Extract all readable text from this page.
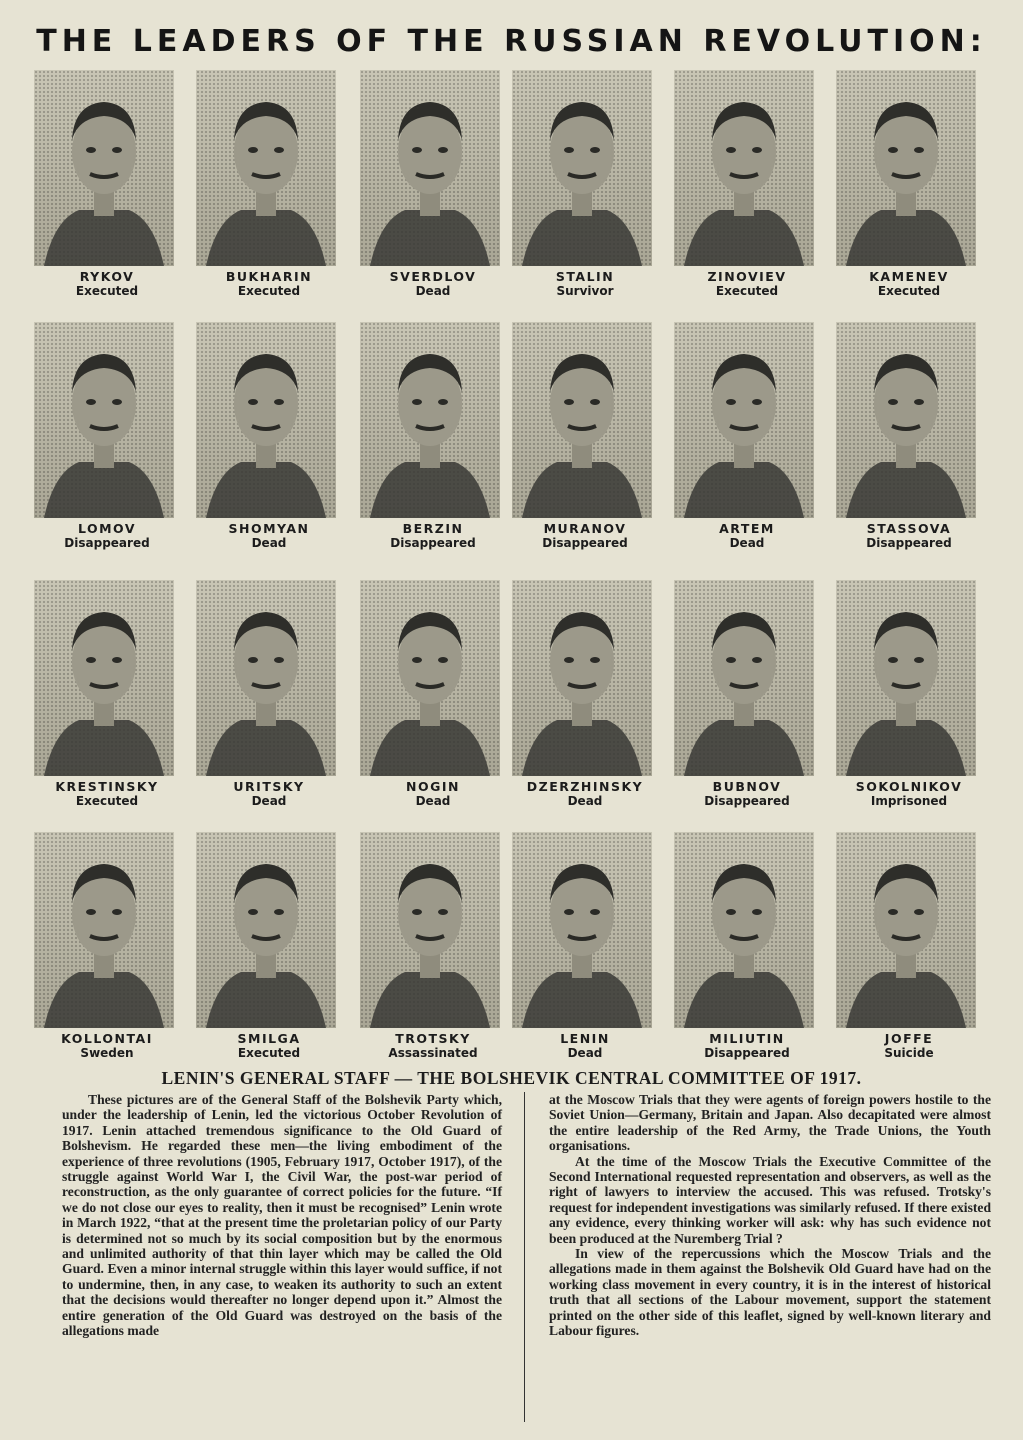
THE LEADERS OF THE RUSSIAN REVOLUTION:
RYKOV
Executed
BUKHARIN
Executed
SVERDLOV
Dead
STALIN
Survivor
ZINOVIEV
Executed
KAMENEV
Executed
LOMOV
Disappeared
SHOMYAN
Dead
BERZIN
Disappeared
MURANOV
Disappeared
ARTEM
Dead
STASSOVA
Disappeared
KRESTINSKY
Executed
URITSKY
Dead
NOGIN
Dead
DZERZHINSKY
Dead
BUBNOV
Disappeared
SOKOLNIKOV
Imprisoned
KOLLONTAI
Sweden
SMILGA
Executed
TROTSKY
Assassinated
LENIN
Dead
MILIUTIN
Disappeared
JOFFE
Suicide
LENIN'S GENERAL STAFF — THE BOLSHEVIK CENTRAL COMMITTEE OF 1917.

These pictures are of the General Staff of the Bolshevik Party which, under the leadership of Lenin, led the victorious October Revolution of 1917. Lenin attached tremendous significance to the Old Guard of Bolshevism. He regarded these men—the living embodiment of the experience of three revolutions (1905, February 1917, October 1917), of the struggle against World War I, the Civil War, the post-war period of reconstruction, as the only guarantee of correct policies for the future. “If we do not close our eyes to reality, then it must be recognised” Lenin wrote in March 1922, “that at the present time the proletarian policy of our Party is determined not so much by its social composition but by the enormous and unlimited authority of that thin layer which may be called the Old Guard. Even a minor internal struggle within this layer would suffice, if not to undermine, then, in any case, to weaken its authority to such an extent that the decisions would thereafter no longer depend upon it.” Almost the entire generation of the Old Guard was destroyed on the basis of the allegations made

at the Moscow Trials that they were agents of foreign powers hostile to the Soviet Union—Germany, Britain and Japan. Also decapitated were almost the entire leadership of the Red Army, the Trade Unions, the Youth organisations.

At the time of the Moscow Trials the Executive Committee of the Second International requested representation and observers, as well as the right of lawyers to interview the accused. This was refused. Trotsky's request for independent investigations was similarly refused. If there existed any evidence, every thinking worker will ask: why has such evidence not been produced at the Nuremberg Trial ?

In view of the repercussions which the Moscow Trials and the allegations made in them against the Bolshevik Old Guard have had on the working class movement in every country, it is in the interest of historical truth that all sections of the Labour movement, support the statement printed on the other side of this leaflet, signed by well-known literary and Labour figures.
